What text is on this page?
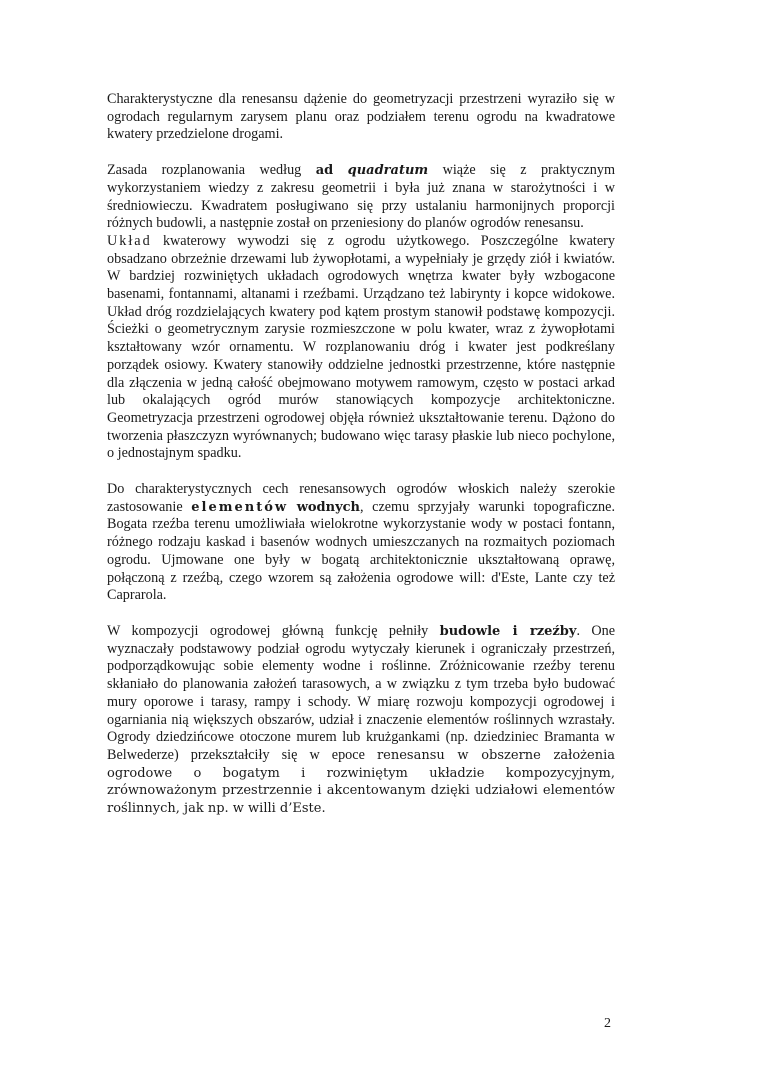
Charakterystyczne dla renesansu dążenie do geometryzacji przestrzeni wyraziło się w ogrodach regularnym zarysem planu oraz podziałem terenu ogrodu na kwadratowe kwatery przedzielone drogami.

Zasada rozplanowania według ad quadratum wiąże się z praktycznym wykorzystaniem wiedzy z zakresu geometrii i była już znana w starożytności i w średniowieczu. Kwadratem posługiwano się przy ustalaniu harmonijnych proporcji różnych budowli, a następnie został on przeniesiony do planów ogrodów renesansu.

Układ kwaterowy wywodzi się z ogrodu użytkowego. Poszczególne kwatery obsadzano obrzeżnie drzewami lub żywopłotami, a wypełniały je grzędy ziół i kwiatów. W bardziej rozwiniętych układach ogrodowych wnętrza kwater były wzbogacone basenami, fontannami, altanami i rzeźbami. Urządzano też labirynty i kopce widokowe. Układ dróg rozdzielających kwatery pod kątem prostym stanowił podstawę kompozycji. Ścieżki o geometrycznym zarysie rozmieszczone w polu kwater, wraz z żywopłotami kształtowany wzór ornamentu. W rozplanowaniu dróg i kwater jest podkreślany porządek osiowy. Kwatery stanowiły oddzielne jednostki przestrzenne, które następnie dla złączenia w jedną całość obejmowano motywem ramowym, często w postaci arkad lub okalających ogród murów stanowiących kompozycje architektoniczne. Geometryzacja przestrzeni ogrodowej objęła również ukształtowanie terenu. Dążono do tworzenia płaszczyzn wyrównanych; budowano więc tarasy płaskie lub nieco pochylone, o jednostajnym spadku.

Do charakterystycznych cech renesansowych ogrodów włoskich należy szerokie zastosowanie elementów wodnych, czemu sprzyjały warunki topograficzne. Bogata rzeźba terenu umożliwiała wielokrotne wykorzystanie wody w postaci fontann, różnego rodzaju kaskad i basenów wodnych umieszczanych na rozmaitych poziomach ogrodu. Ujmowane one były w bogatą architektonicznie ukształtowaną oprawę, połączoną z rzeźbą, czego wzorem są założenia ogrodowe will: d'Este, Lante czy też Caprarola.

W kompozycji ogrodowej główną funkcję pełniły budowle i rzeźby. One wyznaczały podstawowy podział ogrodu wytyczały kierunek i ograniczały przestrzeń, podporządkowując sobie elementy wodne i roślinne. Zróżnicowanie rzeźby terenu skłaniało do planowania założeń tarasowych, a w związku z tym trzeba było budować mury oporowe i tarasy, rampy i schody. W miarę rozwoju kompozycji ogrodowej i ogarniania nią większych obszarów, udział i znaczenie elementów roślinnych wzrastały. Ogrody dziedzińcowe otoczone murem lub krużgankami (np. dziedziniec Bramanta w Belwederze) przekształciły się w epoce renesansu w obszerne założenia ogrodowe o bogatym i rozwiniętym układzie kompozycyjnym, zrównoważonym przestrzennie i akcentowanym dzięki udziałowi elementów roślinnych, jak np. w willi d’Este.

2
